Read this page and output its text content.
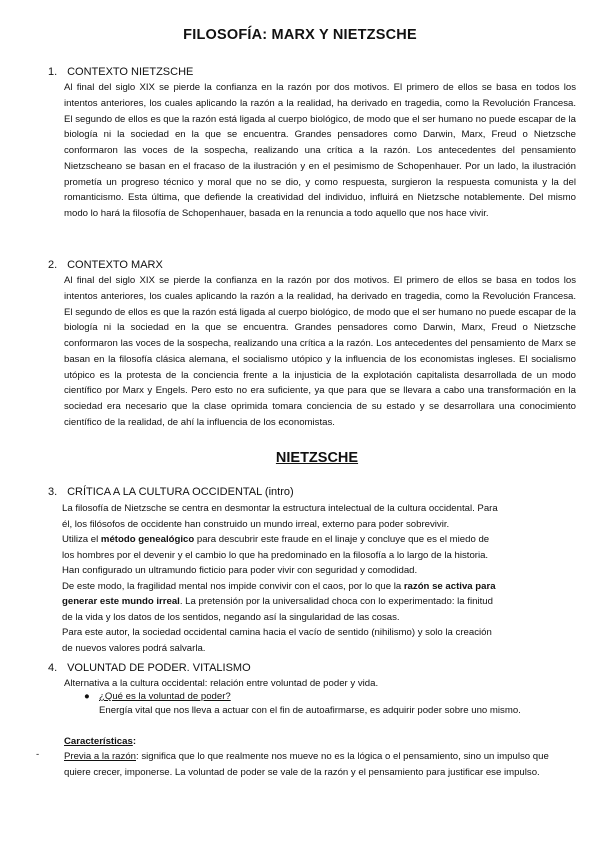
FILOSOFÍA: MARX Y NIETZSCHE
1. CONTEXTO NIETZSCHE
Al final del siglo XIX se pierde la confianza en la razón por dos motivos. El primero de ellos se basa en todos los intentos anteriores, los cuales aplicando la razón a la realidad, ha derivado en tragedia, como la Revolución Francesa. El segundo de ellos es que la razón está ligada al cuerpo biológico, de modo que el ser humano no puede escapar de la biología ni la sociedad en la que se encuentra. Grandes pensadores como Darwin, Marx, Freud o Nietzsche conformaron las voces de la sospecha, realizando una crítica a la razón. Los antecedentes del pensamiento Nietzscheano se basan en el fracaso de la ilustración y en el pesimismo de Schopenhauer. Por un lado, la ilustración prometía un progreso técnico y moral que no se dio, y como respuesta, surgieron la respuesta comunista y la del romanticismo. Esta última, que defiende la creatividad del individuo, influirá en Nietzsche notablemente. Del mismo modo lo hará la filosofía de Schopenhauer, basada en la renuncia a todo aquello que nos hace vivir.
2. CONTEXTO MARX
Al final del siglo XIX se pierde la confianza en la razón por dos motivos. El primero de ellos se basa en todos los intentos anteriores, los cuales aplicando la razón a la realidad, ha derivado en tragedia, como la Revolución Francesa. El segundo de ellos es que la razón está ligada al cuerpo biológico, de modo que el ser humano no puede escapar de la biología ni la sociedad en la que se encuentra. Grandes pensadores como Darwin, Marx, Freud o Nietzsche conformaron las voces de la sospecha, realizando una crítica a la razón. Los antecedentes del pensamiento de Marx se basan en la filosofía clásica alemana, el socialismo utópico y la influencia de los economistas ingleses. El socialismo utópico es la protesta de la conciencia frente a la injusticia de la explotación capitalista desarrollada de un modo científico por Marx y Engels. Pero esto no era suficiente, ya que para que se llevara a cabo una transformación en la sociedad era necesario que la clase oprimida tomara conciencia de su estado y se desarrollara una conocimiento científico de la realidad, de ahí la influencia de los economistas.
NIETZSCHE
3. CRÍTICA A LA CULTURA OCCIDENTAL (intro)
La filosofía de Nietzsche se centra en desmontar la estructura intelectual de la cultura occidental. Para
él, los filósofos de occidente han construido un mundo irreal, externo para poder sobrevivir.
Utiliza el método genealógico para descubrir este fraude en el linaje y concluye que es el miedo de
los hombres por el devenir y el cambio lo que ha predominado en la filosofía a lo largo de la historia.
Han configurado un ultramundo ficticio para poder vivir con seguridad y comodidad.
De este modo, la fragilidad mental nos impide convivir con el caos, por lo que la razón se activa para
generar este mundo irreal. La pretensión por la universalidad choca con lo experimentado: la finitud
de la vida y los datos de los sentidos, negando así la singularidad de las cosas.
Para este autor, la sociedad occidental camina hacia el vacío de sentido (nihilismo) y solo la creación
de nuevos valores podrá salvarla.
4. VOLUNTAD DE PODER. VITALISMO
Alternativa a la cultura occidental: relación entre voluntad de poder y vida.
● ¿Qué es la voluntad de poder?
Energía vital que nos lleva a actuar con el fin de autoafirmarse, es adquirir poder sobre uno mismo.
Características:
-	Previa a la razón: significa que lo que realmente nos mueve no es la lógica o el pensamiento, sino un impulso que quiere crecer, imponerse. La voluntad de poder se vale de la razón y el pensamiento para justificar ese impulso.
